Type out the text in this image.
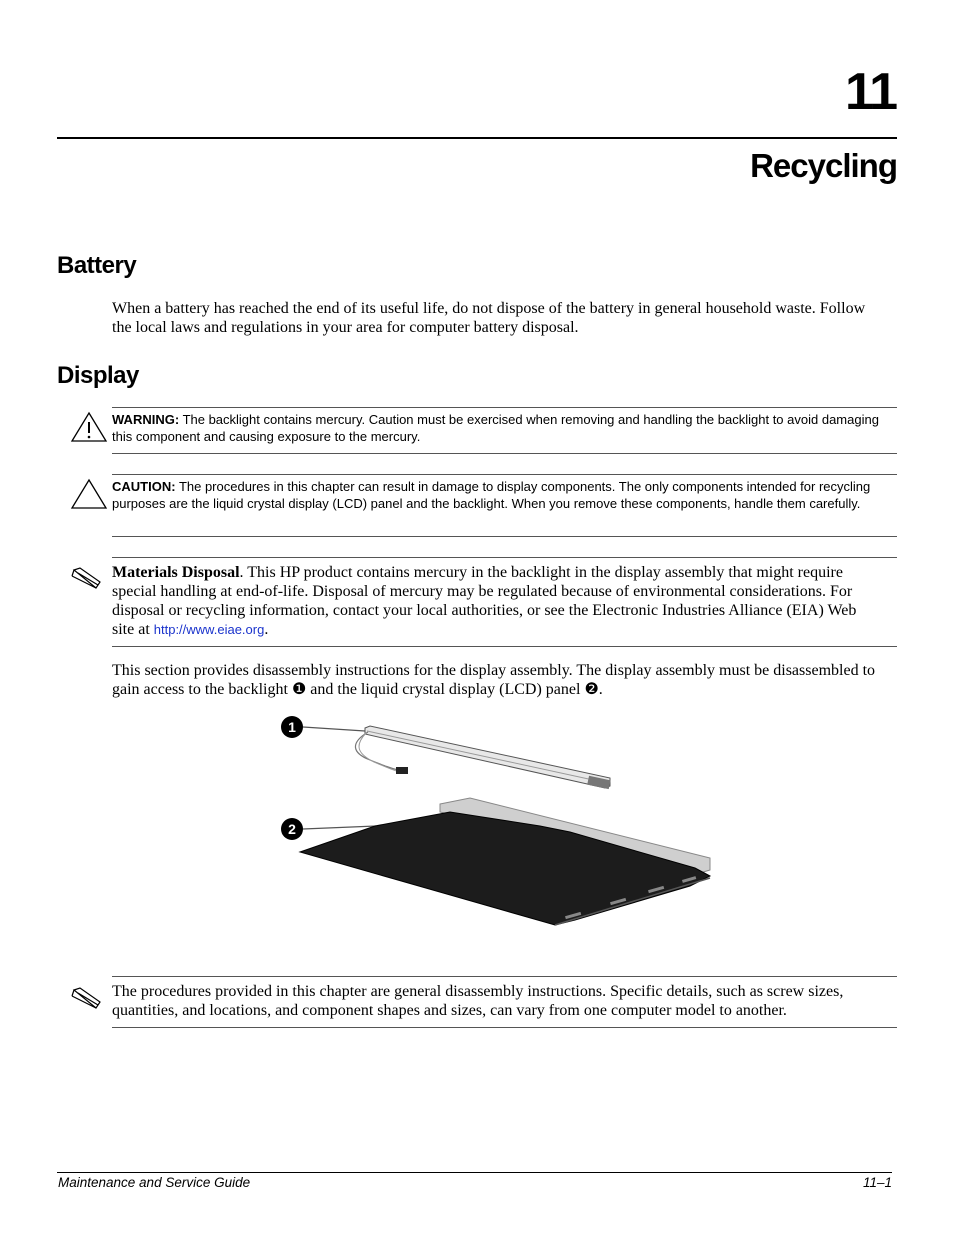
11
Recycling
Battery
When a battery has reached the end of its useful life, do not dispose of the battery in general household waste. Follow the local laws and regulations in your area for computer battery disposal.
Display
WARNING: The backlight contains mercury. Caution must be exercised when removing and handling the backlight to avoid damaging this component and causing exposure to the mercury.
CAUTION: The procedures in this chapter can result in damage to display components. The only components intended for recycling purposes are the liquid crystal display (LCD) panel and the backlight. When you remove these components, handle them carefully.
Materials Disposal. This HP product contains mercury in the backlight in the display assembly that might require special handling at end-of-life. Disposal of mercury may be regulated because of environmental considerations. For disposal or recycling information, contact your local authorities, or see the Electronic Industries Alliance (EIA) Web site at http://www.eiae.org.
This section provides disassembly instructions for the display assembly. The display assembly must be disassembled to gain access to the backlight ❶ and the liquid crystal display (LCD) panel ❷.
1
2
The procedures provided in this chapter are general disassembly instructions. Specific details, such as screw sizes, quantities, and locations, and component shapes and sizes, can vary from one computer model to another.
Maintenance and Service Guide	11–1
